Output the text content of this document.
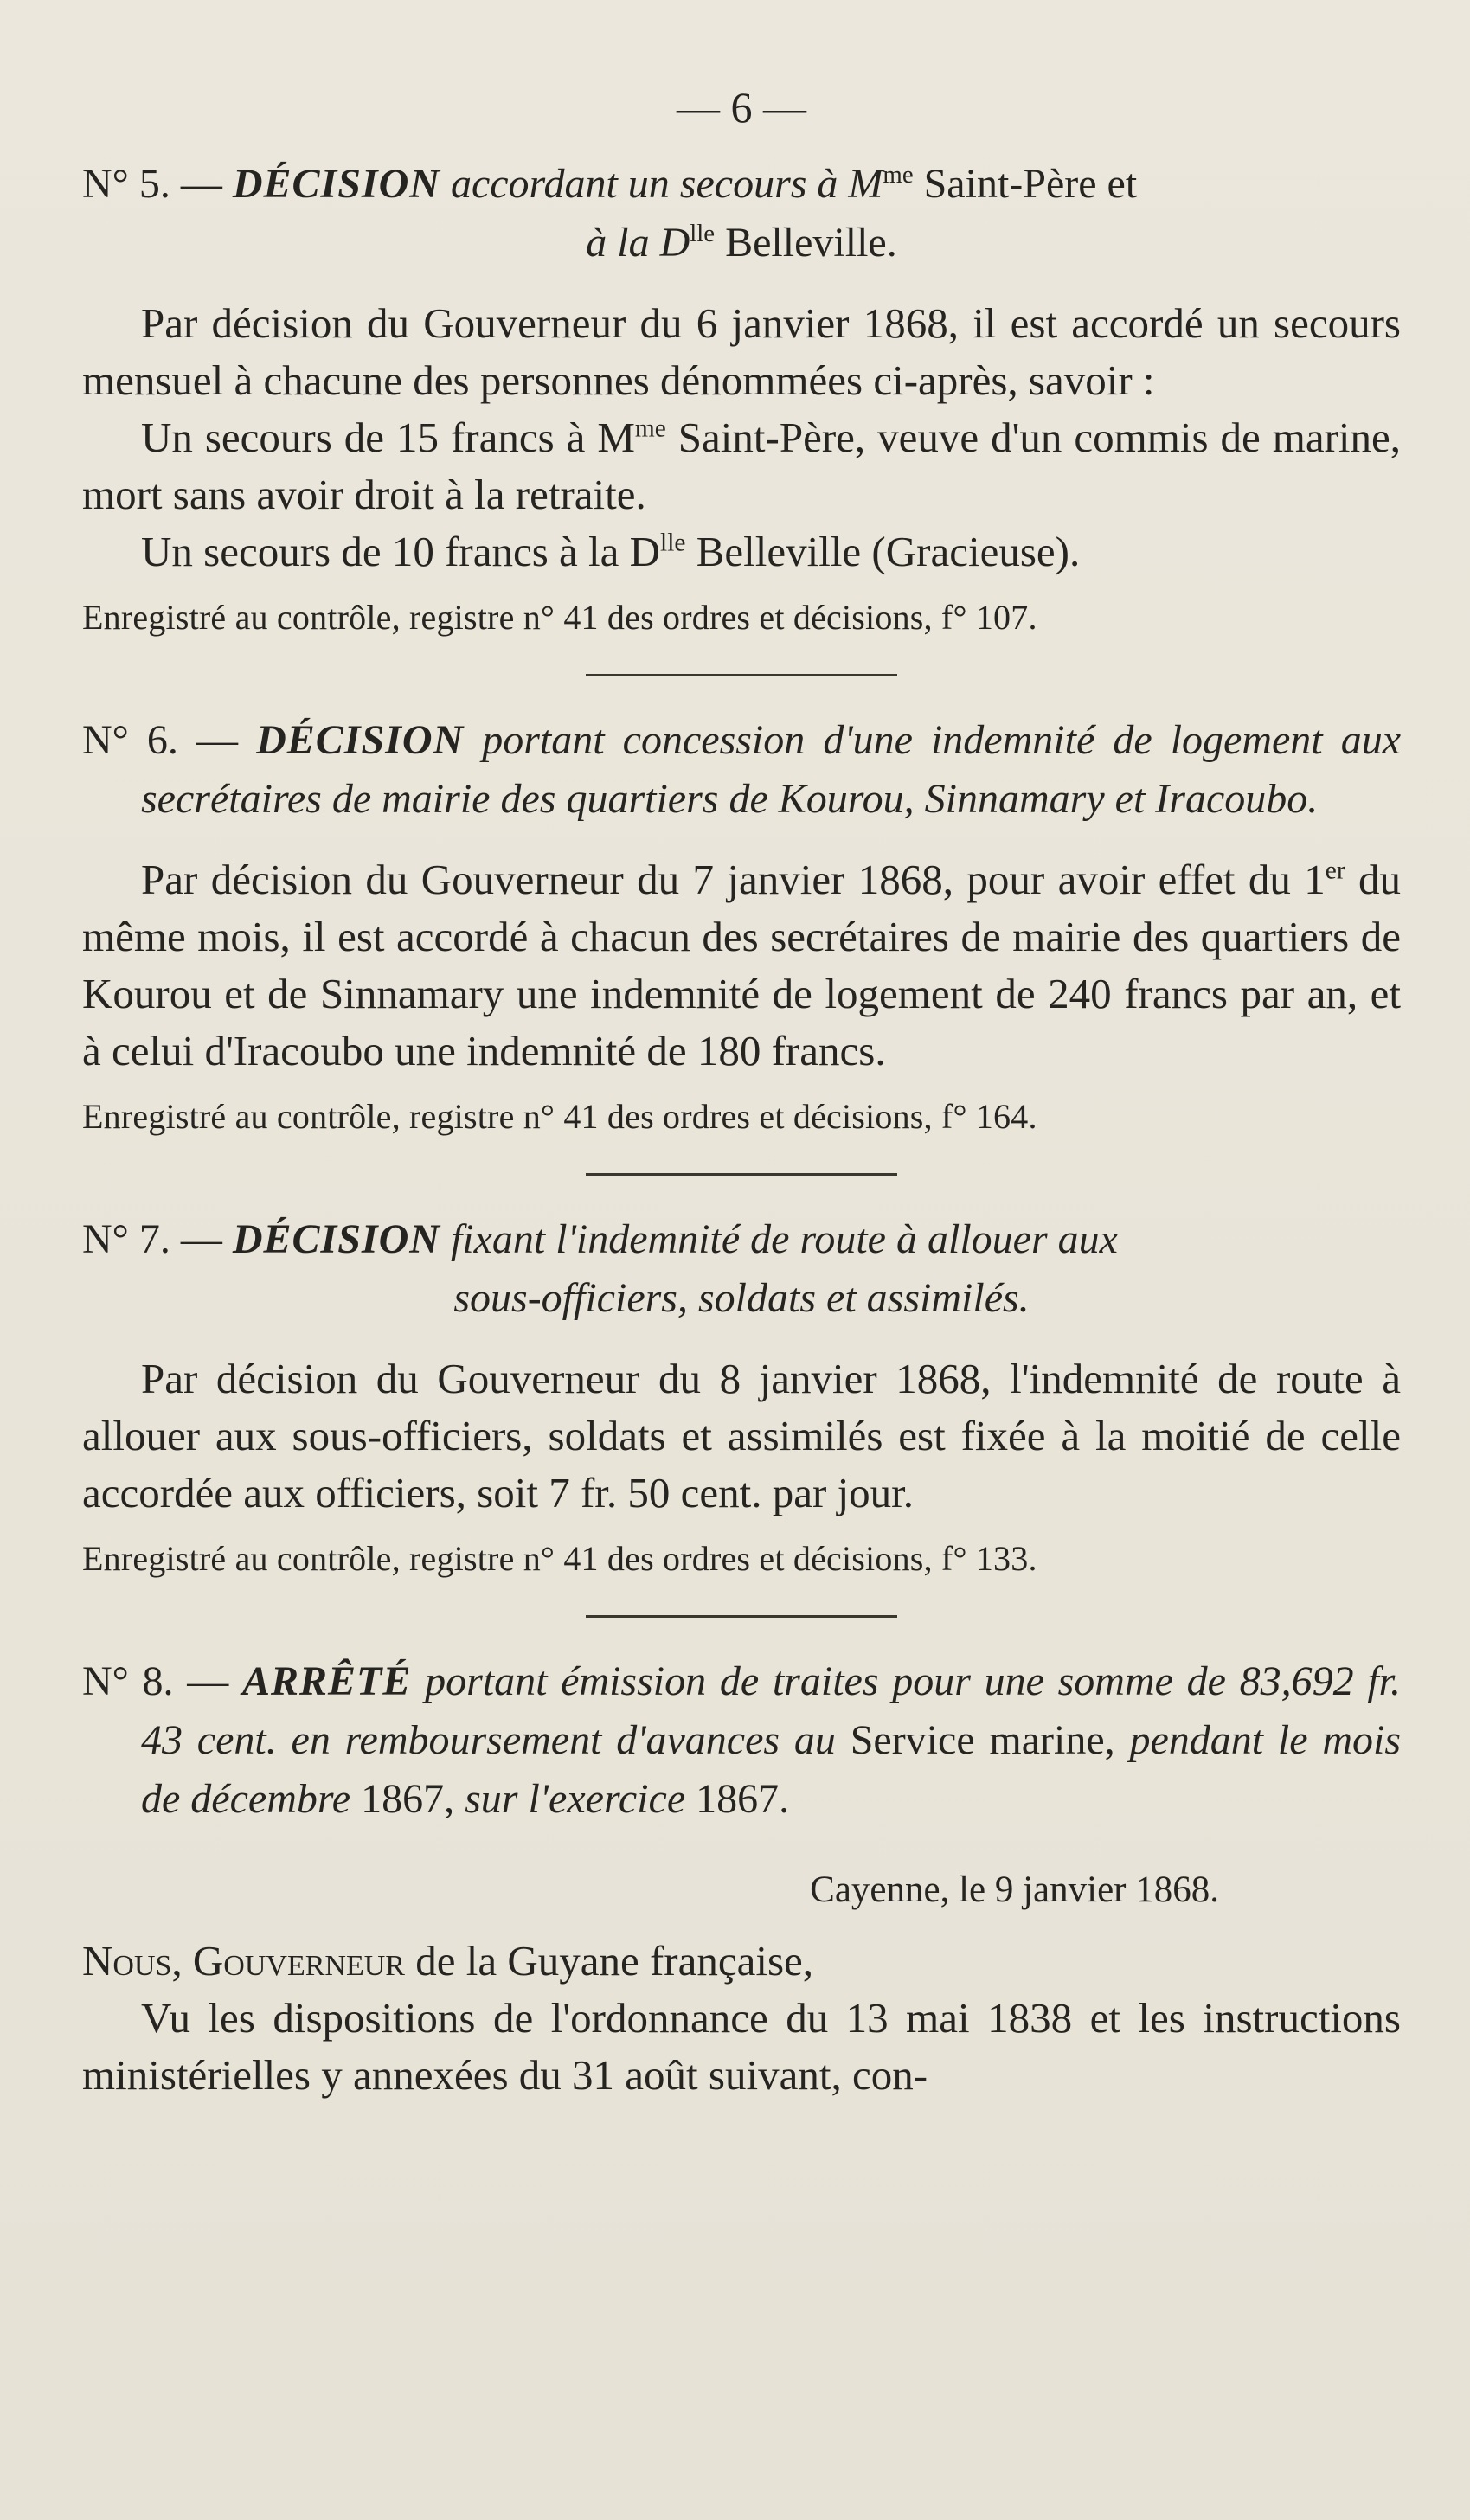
— 6 —
N° 5. — DÉCISION accordant un secours à $M^{me}$ Saint-Père et
à la $D^{lle}$ Belleville.

Par décision du Gouverneur du 6 janvier 1868, il est accordé un secours mensuel à chacune des personnes dénommées ci-après, savoir :

Un secours de 15 francs à $M^{me}$ Saint-Père, veuve d'un commis de marine, mort sans avoir droit à la retraite.

Un secours de 10 francs à la $D^{lle}$ Belleville (Gracieuse).

Enregistré au contrôle, registre n° 41 des ordres et décisions, f° 107.

N° 6. — DÉCISION portant concession d'une indemnité de logement aux secrétaires de mairie des quartiers de Kourou, Sinnamary et Iracoubo.

Par décision du Gouverneur du 7 janvier 1868, pour avoir effet du 1er du même mois, il est accordé à chacun des secrétaires de mairie des quartiers de Kourou et de Sinnamary une indemnité de logement de 240 francs par an, et à celui d'Iracoubo une indemnité de 180 francs.

Enregistré au contrôle, registre n° 41 des ordres et décisions, f° 164.

N° 7. — DÉCISION fixant l'indemnité de route à allouer aux
sous-officiers, soldats et assimilés.

Par décision du Gouverneur du 8 janvier 1868, l'indemnité de route à allouer aux sous-officiers, soldats et assimilés est fixée à la moitié de celle accordée aux officiers, soit 7 fr. 50 cent. par jour.

Enregistré au contrôle, registre n° 41 des ordres et décisions, f° 133.

N° 8. — ARRÊTÉ portant émission de traites pour une somme de 83,692 fr. 43 cent. en remboursement d'avances au Service marine, pendant le mois de décembre 1867, sur l'exercice 1867.
Cayenne, le 9 janvier 1868.

Nous, Gouverneur de la Guyane française,

Vu les dispositions de l'ordonnance du 13 mai 1838 et les instructions ministérielles y annexées du 31 août suivant, con-
